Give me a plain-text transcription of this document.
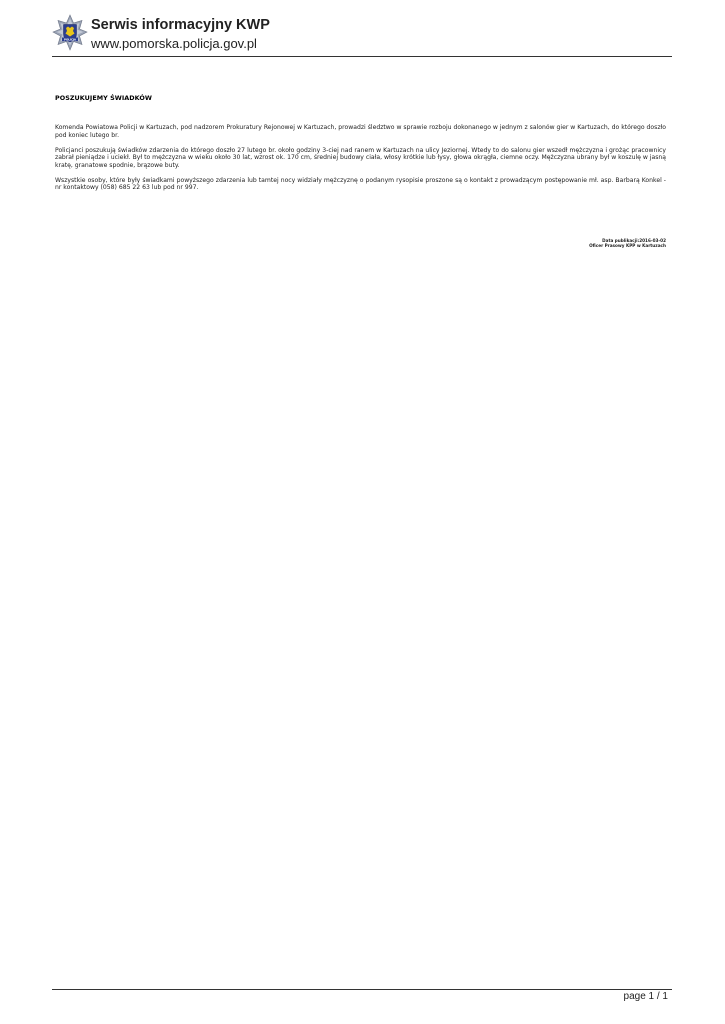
POLICJA
Serwis informacyjny KWP
www.pomorska.policja.gov.pl
POSZUKUJEMY ŚWIADKÓW

Komenda Powiatowa Policji w Kartuzach, pod nadzorem Prokuratury Rejonowej w Kartuzach, prowadzi śledztwo w sprawie rozboju dokonanego w jednym z salonów gier w Kartuzach, do którego doszło pod koniec lutego br.

Policjanci poszukują świadków zdarzenia do którego doszło 27 lutego br. około godziny 3-ciej nad ranem w Kartuzach na ulicy Jeziornej. Wtedy to do salonu gier wszedł mężczyzna i grożąc pracownicy zabrał pieniądze i uciekł. Był to mężczyzna w wieku około 30 lat, wzrost ok. 170 cm, średniej budowy ciała, włosy krótkie lub łysy, głowa okrągła, ciemne oczy. Mężczyzna ubrany był w koszulę w jasną kratę, granatowe spodnie, brązowe buty.

Wszystkie osoby, które były świadkami powyższego zdarzenia lub tamtej nocy widziały mężczyznę o podanym rysopisie proszone są o kontakt z prowadzącym postępowanie mł. asp. Barbarą Konkel - nr kontaktowy (058) 685 22 63 lub pod nr 997.

Data publikacji:2016-03-02
Oficer Prasowy KPP w Kartuzach
page 1 / 1
